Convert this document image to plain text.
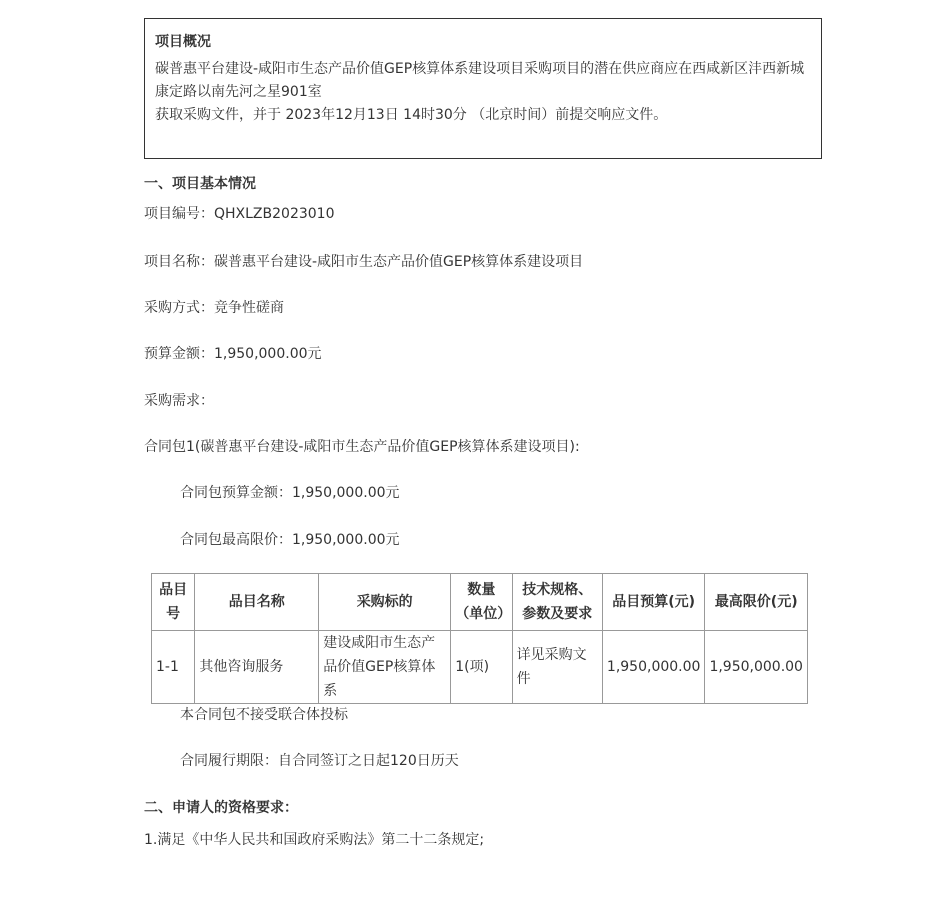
项目概况
碳普惠平台建设-咸阳市生态产品价值GEP核算体系建设项目采购项目的潜在供应商应在西咸新区沣西新城康定路以南先河之星901室
获取采购文件，并于 2023年12月13日 14时30分 （北京时间）前提交响应文件。
一、项目基本情况
项目编号：QHXLZB2023010
项目名称：碳普惠平台建设-咸阳市生态产品价值GEP核算体系建设项目
采购方式：竞争性磋商
预算金额：1,950,000.00元
采购需求：
合同包1(碳普惠平台建设-咸阳市生态产品价值GEP核算体系建设项目):
合同包预算金额：1,950,000.00元
合同包最高限价：1,950,000.00元
品目号	品目名称	采购标的	数量（单位）	技术规格、参数及要求	品目预算(元)	最高限价(元)
1-1	其他咨询服务	建设咸阳市生态产品价值GEP核算体系	1(项)	详见采购文件	1,950,000.00	1,950,000.00
本合同包不接受联合体投标
合同履行期限：自合同签订之日起120日历天
二、申请人的资格要求：
1.满足《中华人民共和国政府采购法》第二十二条规定;
